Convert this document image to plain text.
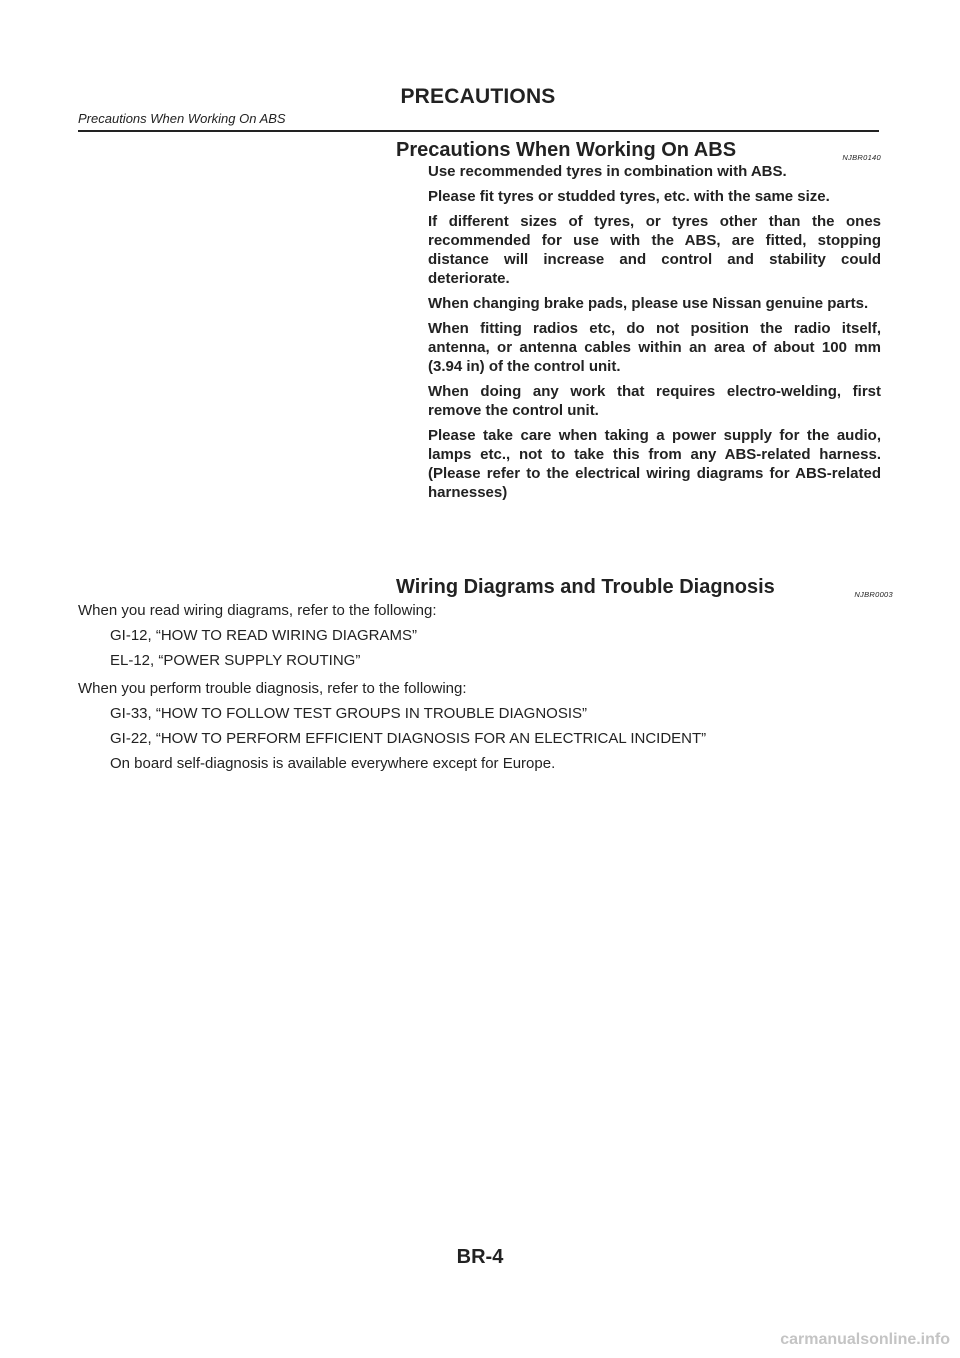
PRECAUTIONS
Precautions When Working On ABS
Precautions When Working On ABS	NJBR0140

Use recommended tyres in combination with ABS.

Please fit tyres or studded tyres, etc. with the same size.

If different sizes of tyres, or tyres other than the ones recommended for use with the ABS, are fitted, stopping distance will increase and control and stability could deteriorate.

When changing brake pads, please use Nissan genuine parts.

When fitting radios etc, do not position the radio itself, antenna, or antenna cables within an area of about 100 mm (3.94 in) of the control unit.

When doing any work that requires electro-welding, first remove the control unit.

Please take care when taking a power supply for the audio, lamps etc., not to take this from any ABS-related harness. (Please refer to the electrical wiring diagrams for ABS-related harnesses)

Wiring Diagrams and Trouble Diagnosis	NJBR0003

When you read wiring diagrams, refer to the following:

GI-12, “HOW TO READ WIRING DIAGRAMS”

EL-12, “POWER SUPPLY ROUTING”

When you perform trouble diagnosis, refer to the following:

GI-33, “HOW TO FOLLOW TEST GROUPS IN TROUBLE DIAGNOSIS”

GI-22, “HOW TO PERFORM EFFICIENT DIAGNOSIS FOR AN ELECTRICAL INCIDENT”

On board self-diagnosis is available everywhere except for Europe.

BR-4
carmanualsonline.info
